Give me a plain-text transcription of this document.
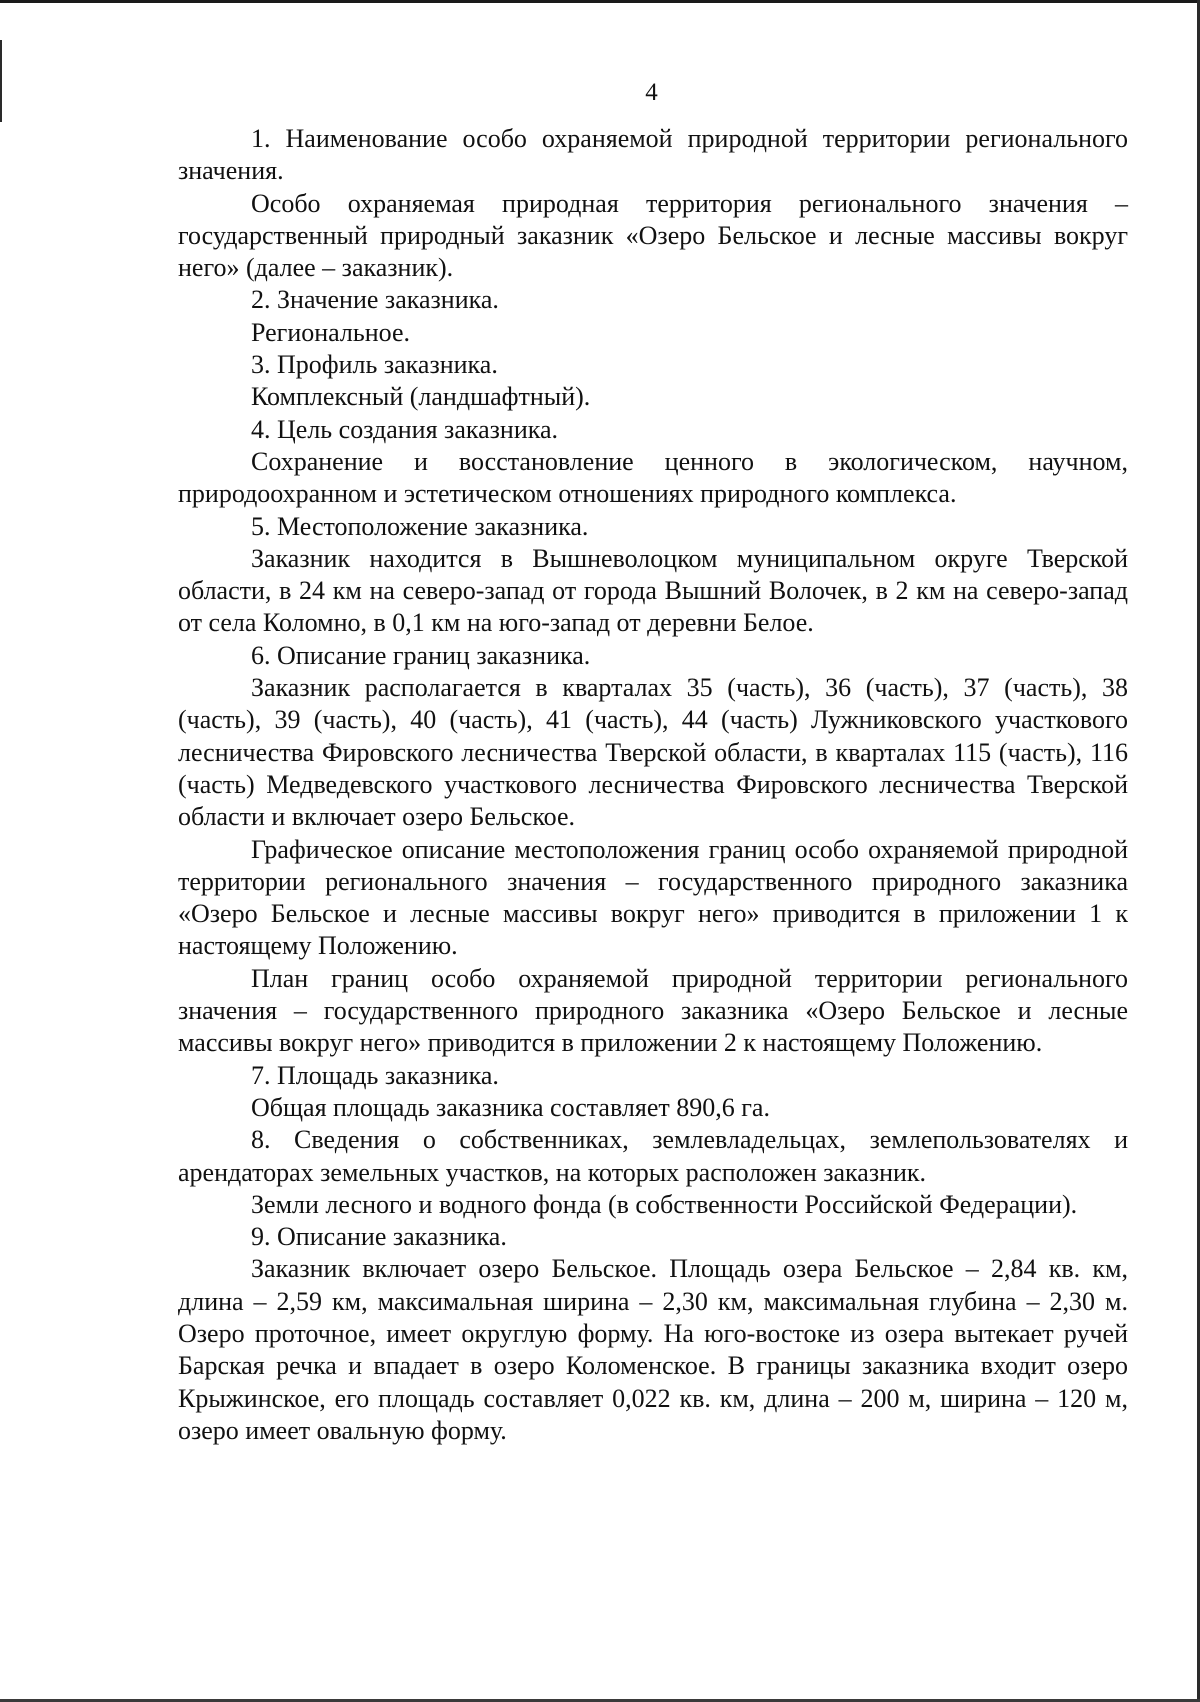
4

1. Наименование особо охраняемой природной территории регионального значения.

Особо охраняемая природная территория регионального значения – государственный природный заказник «Озеро Бельское и лесные массивы вокруг него» (далее – заказник).

2. Значение заказника.

Региональное.

3. Профиль заказника.

Комплексный (ландшафтный).

4. Цель создания заказника.

Сохранение и восстановление ценного в экологическом, научном, природоохранном и эстетическом отношениях природного комплекса.

5. Местоположение заказника.

Заказник находится в Вышневолоцком муниципальном округе Тверской области, в 24 км на северо-запад от города Вышний Волочек, в 2 км на северо-запад от села Коломно, в 0,1 км на юго-запад от деревни Белое.

6. Описание границ заказника.

Заказник располагается в кварталах 35 (часть), 36 (часть), 37 (часть), 38 (часть), 39 (часть), 40 (часть), 41 (часть), 44 (часть) Лужниковского участкового лесничества Фировского лесничества Тверской области, в кварталах 115 (часть), 116 (часть) Медведевского участкового лесничества Фировского лесничества Тверской области и включает озеро Бельское.

Графическое описание местоположения границ особо охраняемой природной территории регионального значения – государственного природного заказника «Озеро Бельское и лесные массивы вокруг него» приводится в приложении 1 к настоящему Положению.

План границ особо охраняемой природной территории регионального значения – государственного природного заказника «Озеро Бельское и лесные массивы вокруг него» приводится в приложении 2 к настоящему Положению.

7. Площадь заказника.

Общая площадь заказника составляет 890,6 га.

8. Сведения о собственниках, землевладельцах, землепользователях и арендаторах земельных участков, на которых расположен заказник.

Земли лесного и водного фонда (в собственности Российской Федерации).

9. Описание заказника.

Заказник включает озеро Бельское. Площадь озера Бельское – 2,84 кв. км, длина – 2,59 км, максимальная ширина – 2,30 км, максимальная глубина – 2,30 м. Озеро проточное, имеет округлую форму. На юго-востоке из озера вытекает ручей Барская речка и впадает в озеро Коломенское. В границы заказника входит озеро Крыжинское, его площадь составляет 0,022 кв. км, длина – 200 м, ширина – 120 м, озеро имеет овальную форму.
